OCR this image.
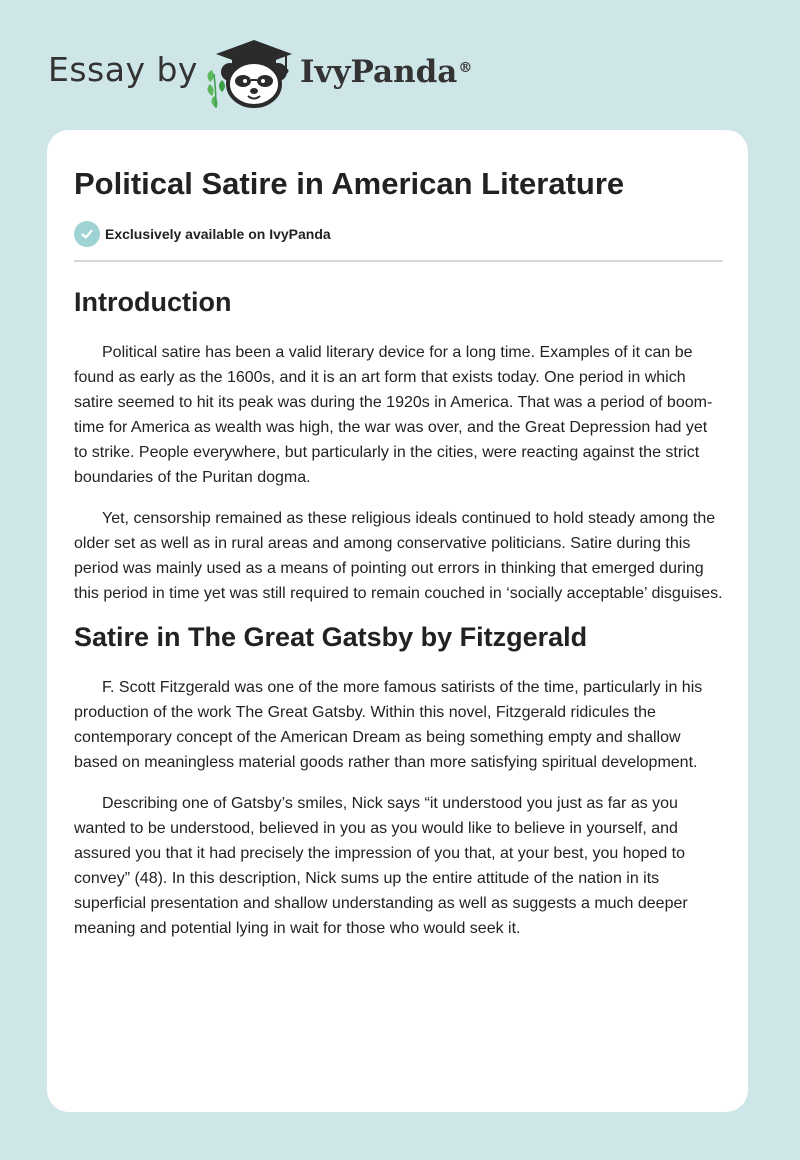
Essay by	IvyPanda®
Political Satire in American Literature
Exclusively available on IvyPanda
Introduction

Political satire has been a valid literary device for a long time. Examples of it can be found as early as the 1600s, and it is an art form that exists today. One period in which satire seemed to hit its peak was during the 1920s in America. That was a period of boom-time for America as wealth was high, the war was over, and the Great Depression had yet to strike. People everywhere, but particularly in the cities, were reacting against the strict boundaries of the Puritan dogma.

Yet, censorship remained as these religious ideals continued to hold steady among the older set as well as in rural areas and among conservative politicians. Satire during this period was mainly used as a means of pointing out errors in thinking that emerged during this period in time yet was still required to remain couched in ‘socially acceptable’ disguises.

Satire in The Great Gatsby by Fitzgerald

F. Scott Fitzgerald was one of the more famous satirists of the time, particularly in his production of the work The Great Gatsby. Within this novel, Fitzgerald ridicules the contemporary concept of the American Dream as being something empty and shallow based on meaningless material goods rather than more satisfying spiritual development.

Describing one of Gatsby’s smiles, Nick says “it understood you just as far as you wanted to be understood, believed in you as you would like to believe in yourself, and assured you that it had precisely the impression of you that, at your best, you hoped to convey” (48). In this description, Nick sums up the entire attitude of the nation in its superficial presentation and shallow understanding as well as suggests a much deeper meaning and potential lying in wait for those who would seek it.
